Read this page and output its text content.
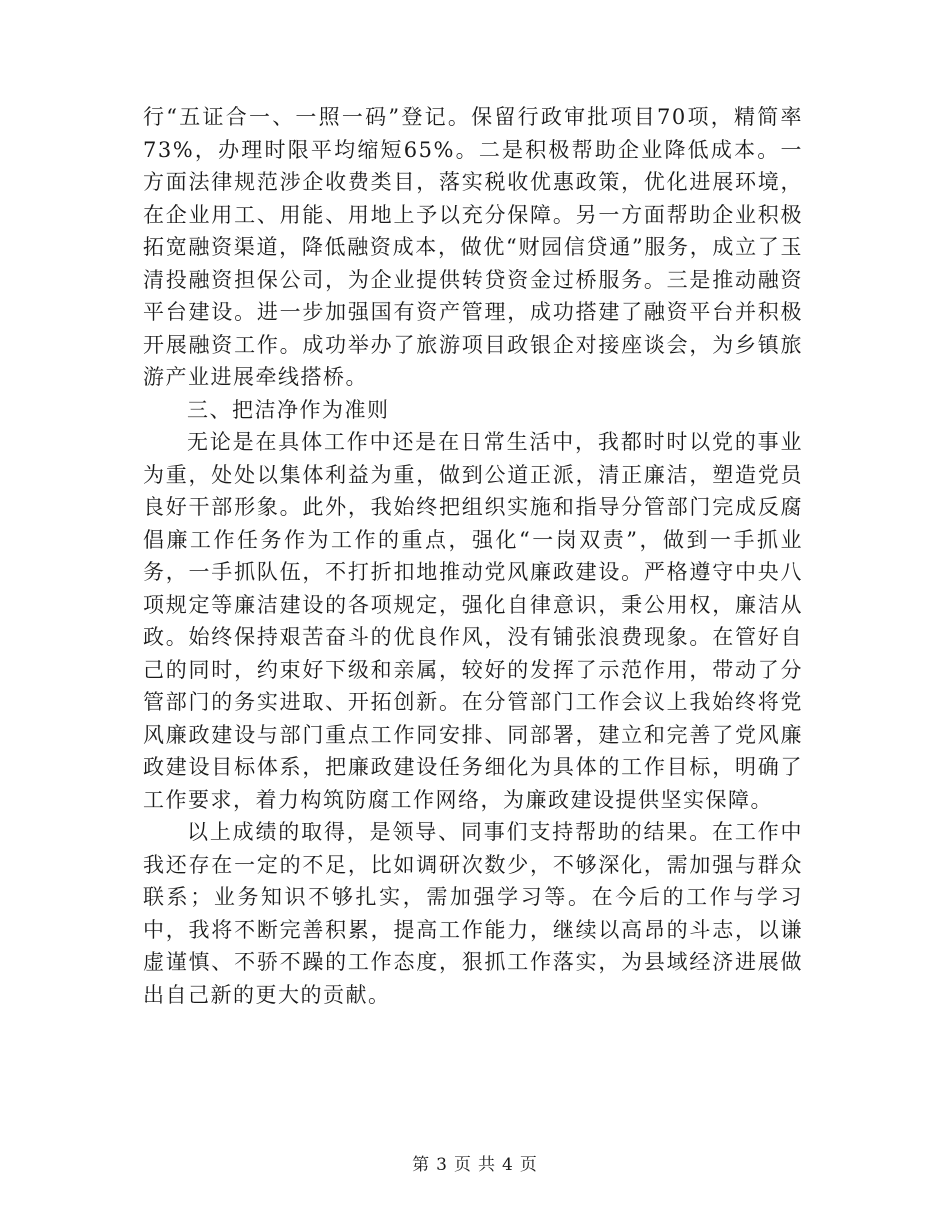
行“五证合一、一照一码”登记。保留行政审批项目70项，精简率73%，办理时限平均缩短65%。二是积极帮助企业降低成本。一方面法律规范涉企收费类目，落实税收优惠政策，优化进展环境，在企业用工、用能、用地上予以充分保障。另一方面帮助企业积极拓宽融资渠道，降低融资成本，做优“财园信贷通”服务，成立了玉清投融资担保公司，为企业提供转贷资金过桥服务。三是推动融资平台建设。进一步加强国有资产管理，成功搭建了融资平台并积极开展融资工作。成功举办了旅游项目政银企对接座谈会，为乡镇旅游产业进展牵线搭桥。

三、把洁净作为准则

无论是在具体工作中还是在日常生活中，我都时时以党的事业为重，处处以集体利益为重，做到公道正派，清正廉洁，塑造党员良好干部形象。此外，我始终把组织实施和指导分管部门完成反腐倡廉工作任务作为工作的重点，强化“一岗双责”，做到一手抓业务，一手抓队伍，不打折扣地推动党风廉政建设。严格遵守中央八项规定等廉洁建设的各项规定，强化自律意识，秉公用权，廉洁从政。始终保持艰苦奋斗的优良作风，没有铺张浪费现象。在管好自己的同时，约束好下级和亲属，较好的发挥了示范作用，带动了分管部门的务实进取、开拓创新。在分管部门工作会议上我始终将党风廉政建设与部门重点工作同安排、同部署，建立和完善了党风廉政建设目标体系，把廉政建设任务细化为具体的工作目标，明确了工作要求，着力构筑防腐工作网络，为廉政建设提供坚实保障。

以上成绩的取得，是领导、同事们支持帮助的结果。在工作中我还存在一定的不足，比如调研次数少，不够深化，需加强与群众联系；业务知识不够扎实，需加强学习等。在今后的工作与学习中，我将不断完善积累，提高工作能力，继续以高昂的斗志，以谦虚谨慎、不骄不躁的工作态度，狠抓工作落实，为县域经济进展做出自己新的更大的贡献。

第 3 页 共 4 页
